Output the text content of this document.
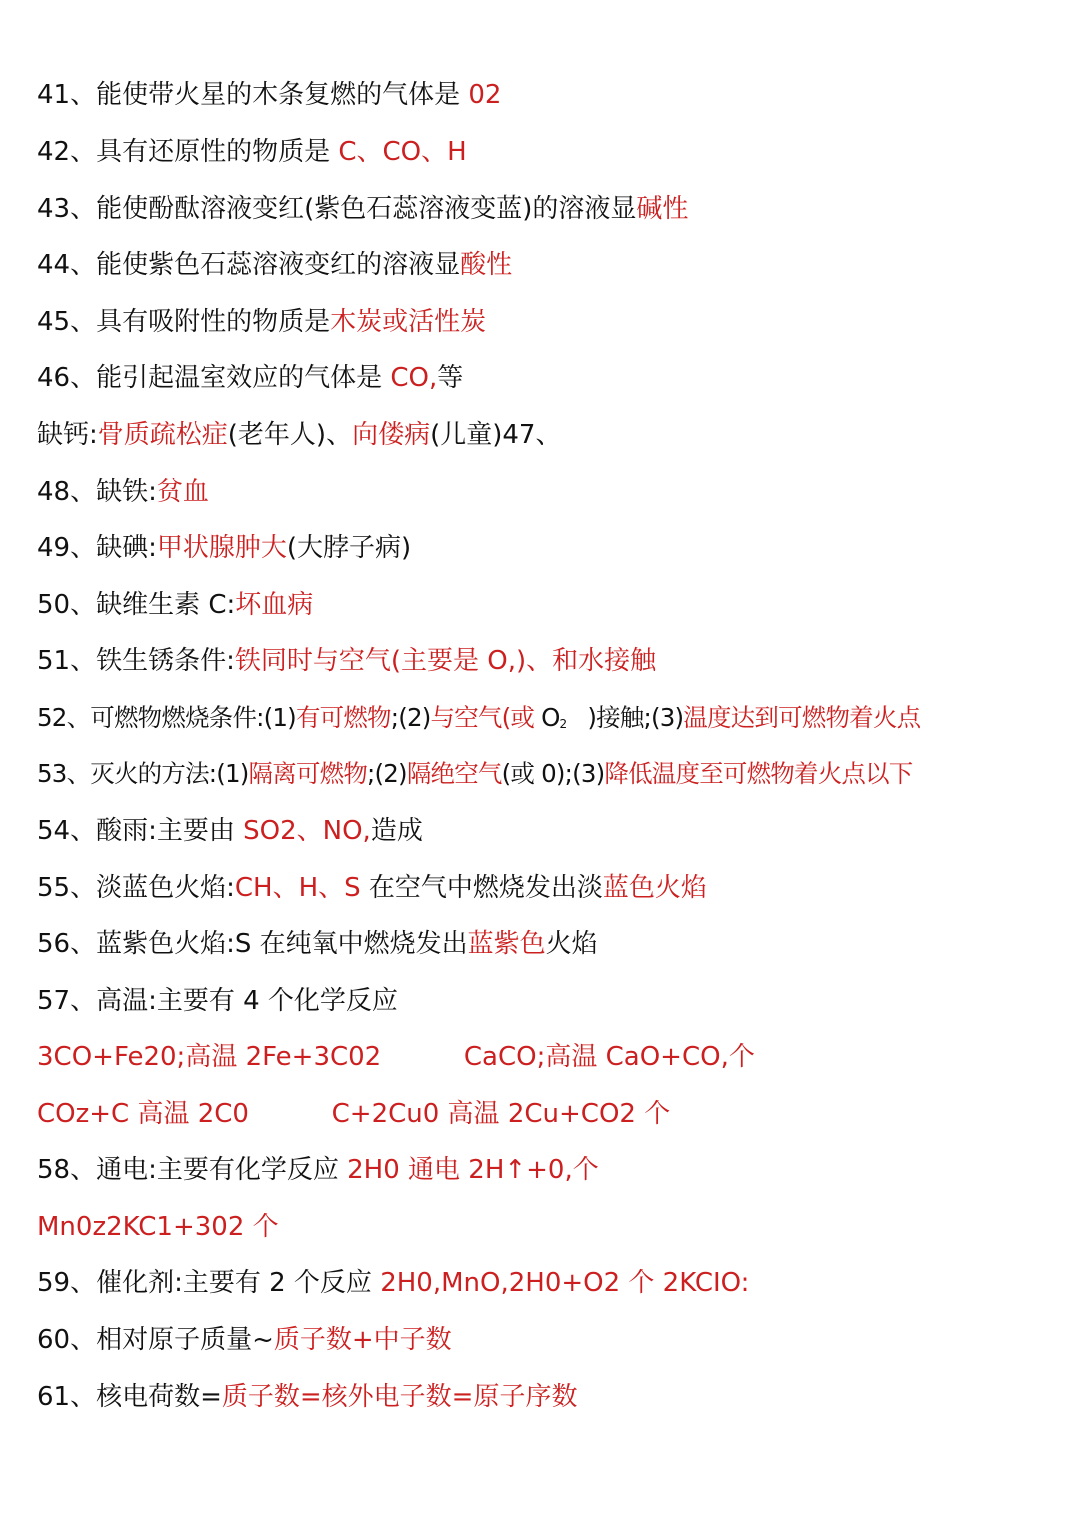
41、能使带火星的木条复燃的气体是 02
42、具有还原性的物质是 C、CO、H
43、能使酚酞溶液变红(紫色石蕊溶液变蓝)的溶液显碱性
44、能使紫色石蕊溶液变红的溶液显酸性
45、具有吸附性的物质是木炭或活性炭
46、能引起温室效应的气体是 CO,等
缺钙:骨质疏松症(老年人)、向偻病(儿童)47、
48、缺铁:贫血
49、缺碘:甲状腺肿大(大脖子病)
50、缺维生素 C:坏血病
51、铁生锈条件:铁同时与空气(主要是 O,)、和水接触
52、可燃物燃烧条件:(1)有可燃物;(2)与空气(或 O2   )接触;(3)温度达到可燃物着火点
53、灭火的方法:(1)隔离可燃物;(2)隔绝空气(或 0);(3)降低温度至可燃物着火点以下
54、酸雨:主要由 SO2、NO,造成
55、淡蓝色火焰:CH、H、S 在空气中燃烧发出淡蓝色火焰
56、蓝紫色火焰:S 在纯氧中燃烧发出蓝紫色火焰
57、高温:主要有 4 个化学反应
3CO+Fe20;高温 2Fe+3C02	CaCO;高温 CaO+CO,个
COz+C 高温 2C0	C+2Cu0 高温 2Cu+CO2 个
58、通电:主要有化学反应 2H0 通电 2H↑+0,个
Mn0z2KC1+302 个
59、催化剂:主要有 2 个反应 2H0,MnO,2H0+O2 个 2KCIO:
60、相对原子质量~质子数+中子数
61、核电荷数=质子数=核外电子数=原子序数
